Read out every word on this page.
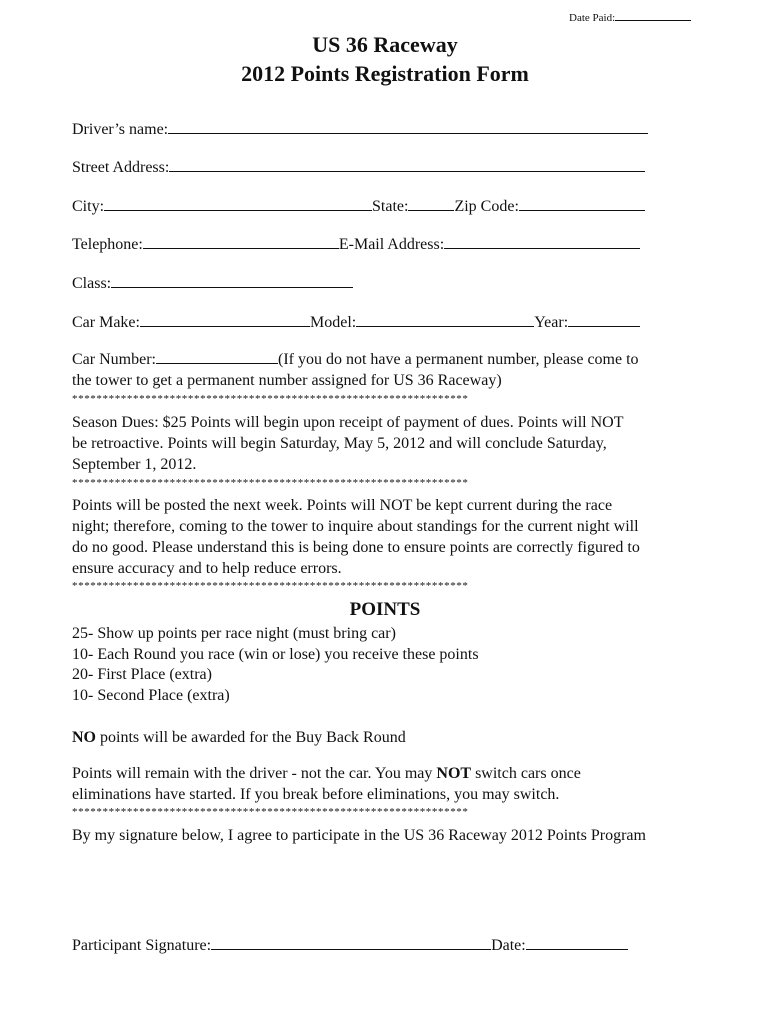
Date Paid:
US 36 Raceway
2012 Points Registration Form
Driver’s name:
Street Address:
City:	State:	Zip Code:
Telephone:	E-Mail Address:
Class:
Car Make:	Model:	Year:
Car Number:	(If you do not have a permanent number, please come to
the tower to get a permanent number assigned for US 36 Raceway)
*****************************************************************
Season Dues: $25 Points will begin upon receipt of payment of dues. Points will NOT
be retroactive. Points will begin Saturday, May 5, 2012 and will conclude Saturday,
September 1, 2012.
*****************************************************************
Points will be posted the next week. Points will NOT be kept current during the race
night; therefore, coming to the tower to inquire about standings for the current night will
do no good. Please understand this is being done to ensure points are correctly figured to
ensure accuracy and to help reduce errors.
*****************************************************************
POINTS
25- Show up points per race night (must bring car)
10- Each Round you race (win or lose) you receive these points
20- First Place (extra)
10- Second Place (extra)
NO points will be awarded for the Buy Back Round
Points will remain with the driver - not the car. You may NOT switch cars once
eliminations have started. If you break before eliminations, you may switch.
*****************************************************************
By my signature below, I agree to participate in the US 36 Raceway 2012 Points Program
Participant Signature:	Date:
